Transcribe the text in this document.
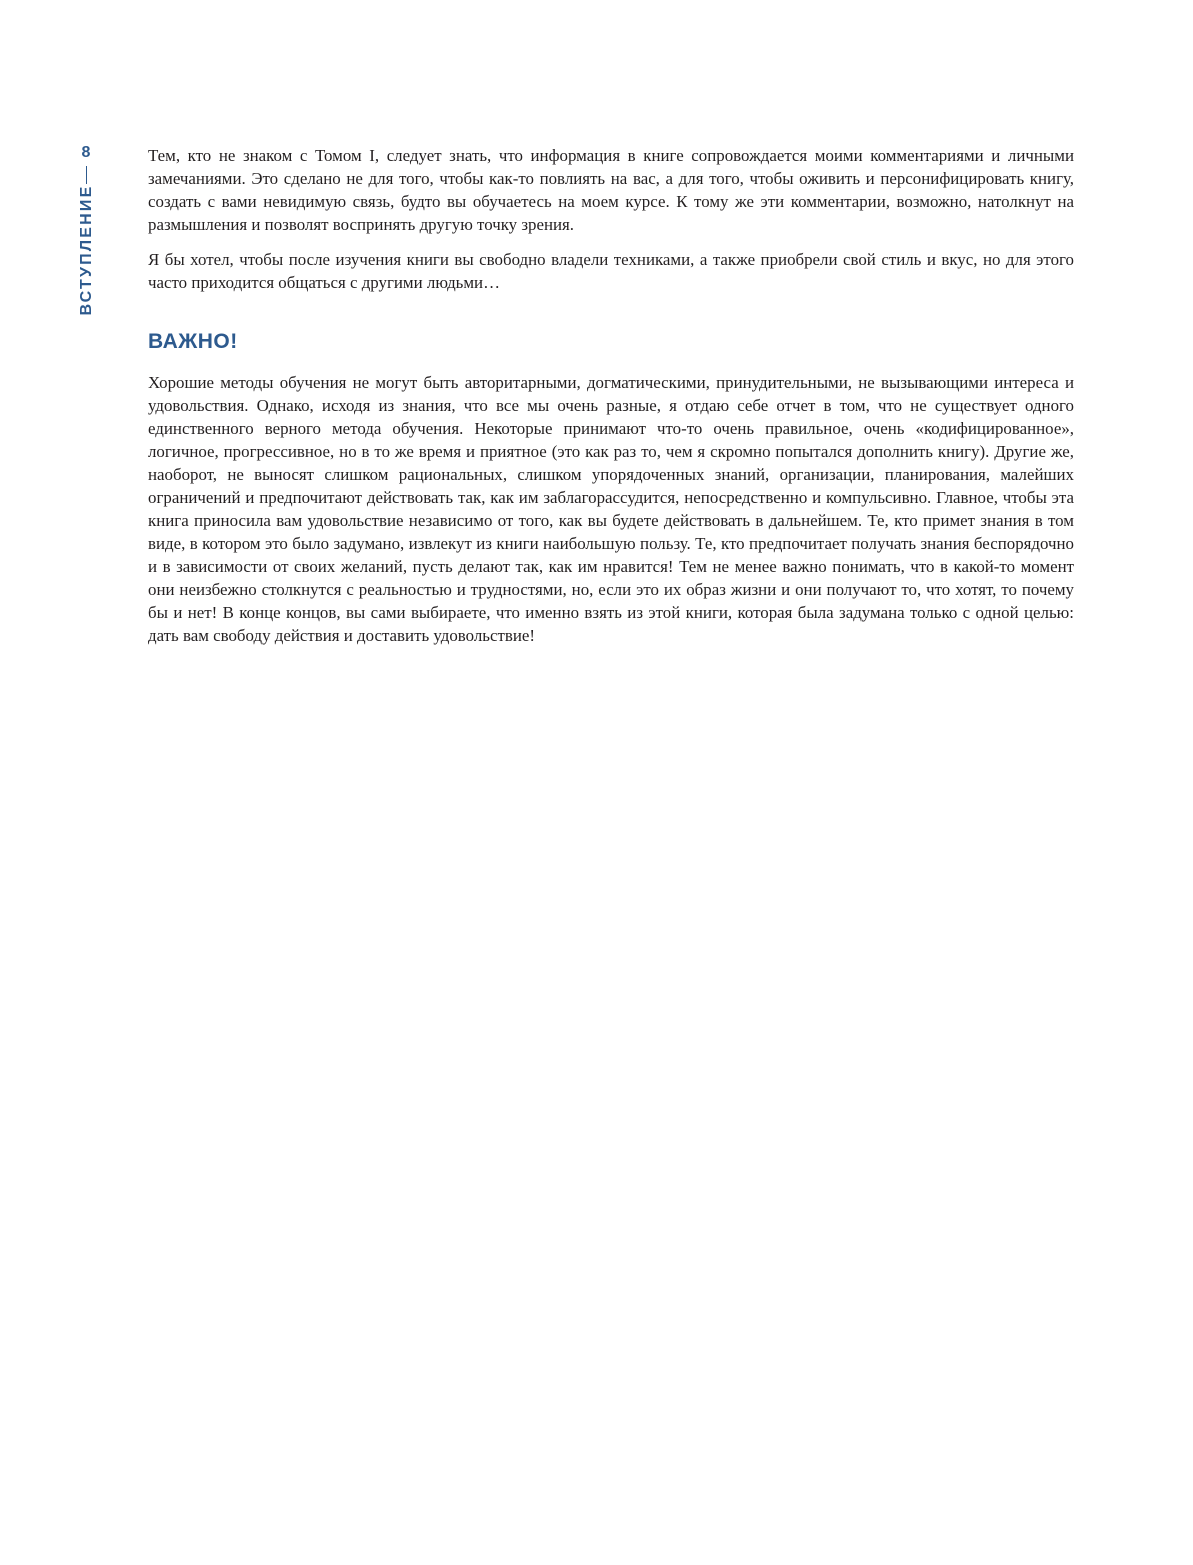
8
ВСТУПЛЕНИЕ

Тем, кто не знаком с Томом I, следует знать, что информация в книге сопровождается моими комментариями и личными замечаниями. Это сделано не для того, чтобы как-то повлиять на вас, а для того, чтобы оживить и персонифицировать книгу, создать с вами невидимую связь, будто вы обучаетесь на моем курсе. К тому же эти комментарии, возможно, натолкнут на размышления и позволят воспринять другую точку зрения.

Я бы хотел, чтобы после изучения книги вы свободно владели техниками, а также приобрели свой стиль и вкус, но для этого часто приходится общаться с другими людьми…

ВАЖНО!

Хорошие методы обучения не могут быть авторитарными, догматическими, принудительными, не вызывающими интереса и удовольствия. Однако, исходя из знания, что все мы очень разные, я отдаю себе отчет в том, что не существует одного единственного верного метода обучения. Некоторые принимают что-то очень правильное, очень «кодифицированное», логичное, прогрессивное, но в то же время и приятное (это как раз то, чем я скромно попытался дополнить книгу). Другие же, наоборот, не выносят слишком рациональных, слишком упорядоченных знаний, организации, планирования, малейших ограничений и предпочитают действовать так, как им заблагорассудится, непосредственно и компульсивно. Главное, чтобы эта книга приносила вам удовольствие независимо от того, как вы будете действовать в дальнейшем. Те, кто примет знания в том виде, в котором это было задумано, извлекут из книги наибольшую пользу. Те, кто предпочитает получать знания беспорядочно и в зависимости от своих желаний, пусть делают так, как им нравится! Тем не менее важно понимать, что в какой-то момент они неизбежно столкнутся с реальностью и трудностями, но, если это их образ жизни и они получают то, что хотят, то почему бы и нет! В конце концов, вы сами выбираете, что именно взять из этой книги, которая была задумана только с одной целью: дать вам свободу действия и доставить удовольствие!
